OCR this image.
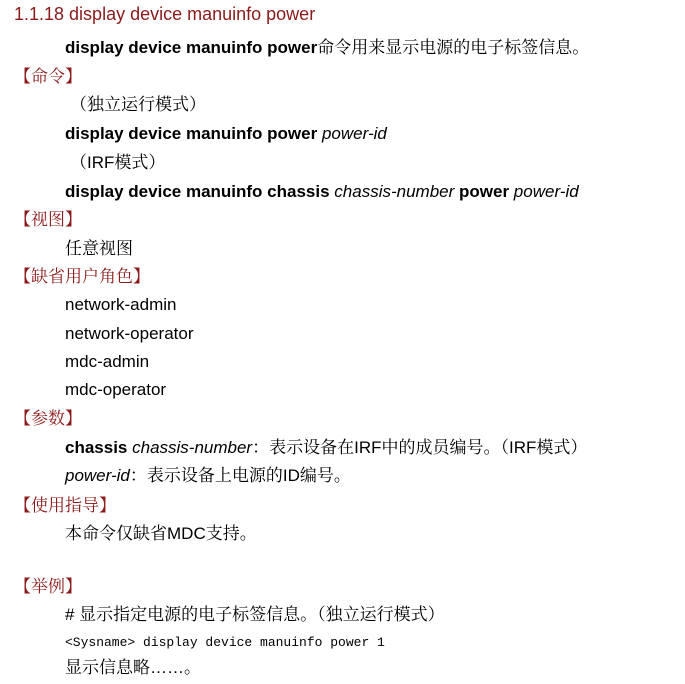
1.1.18 display device manuinfo power
display device manuinfo power命令用来显示电源的电子标签信息。
【命令】
（独立运行模式）
display device manuinfo power power-id
（IRF模式）
display device manuinfo chassis chassis-number power power-id
【视图】
任意视图
【缺省用户角色】
network-admin
network-operator
mdc-admin
mdc-operator
【参数】
chassis chassis-number：表示设备在IRF中的成员编号。（IRF模式）
power-id：表示设备上电源的ID编号。
【使用指导】
本命令仅缺省MDC支持。
【举例】
# 显示指定电源的电子标签信息。（独立运行模式）
<Sysname> display device manuinfo power 1
显示信息略……。
